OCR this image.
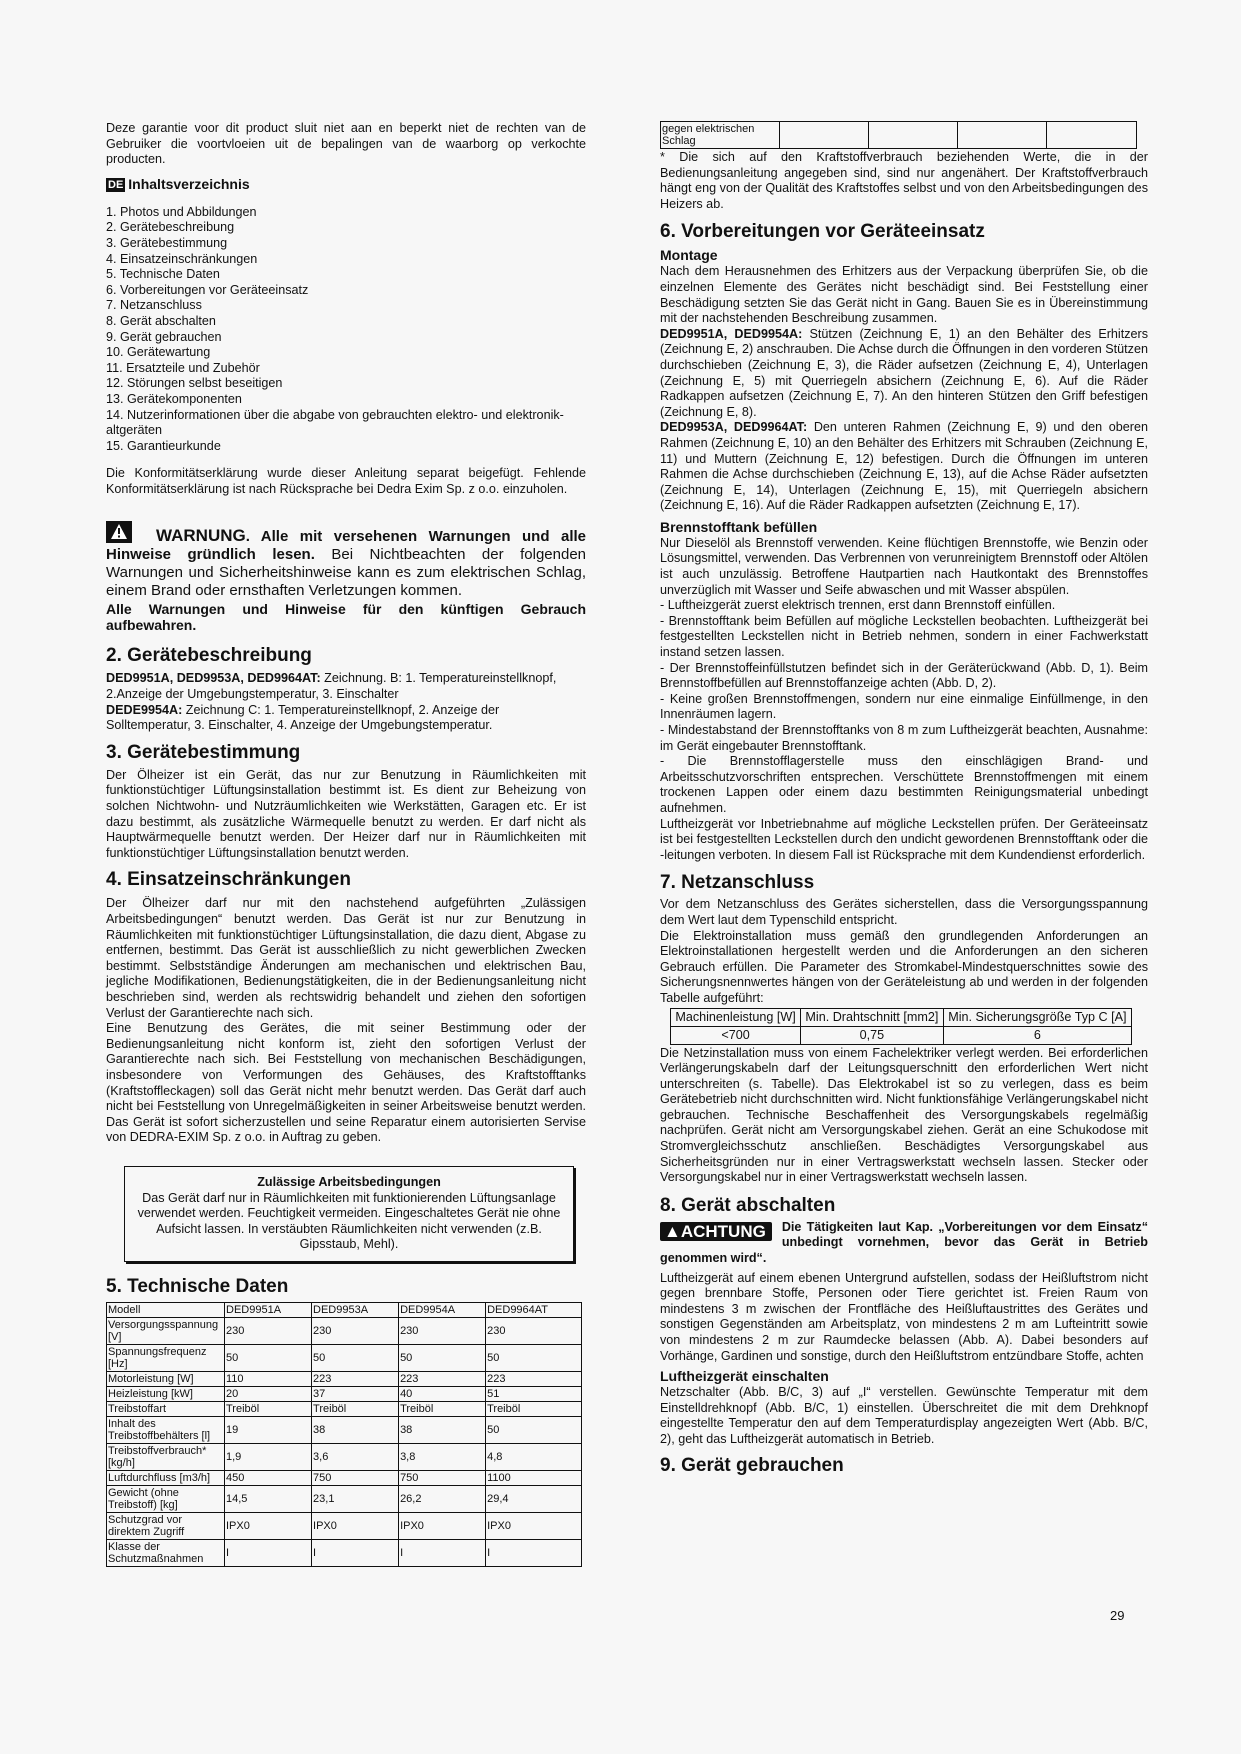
Deze garantie voor dit product sluit niet aan en beperkt niet de rechten van de Gebruiker die voortvloeien uit de bepalingen van de waarborg op verkochte producten.

DE Inhaltsverzeichnis
1. Photos und Abbildungen
2. Gerätebeschreibung
3. Gerätebestimmung
4. Einsatzeinschränkungen
5. Technische Daten
6. Vorbereitungen vor Geräteeinsatz
7. Netzanschluss
8. Gerät abschalten
9. Gerät gebrauchen
10. Gerätewartung
11. Ersatzteile und Zubehör
12. Störungen selbst beseitigen
13. Gerätekomponenten
14. Nutzerinformationen über die abgabe von gebrauchten elektro- und elektronik-altgeräten
15. Garantieurkunde

Die Konformitätserklärung wurde dieser Anleitung separat beigefügt. Fehlende Konformitätserklärung ist nach Rücksprache bei Dedra Exim Sp. z o.o. einzuholen.

WARNUNG. Alle mit versehenen Warnungen und alle Hinweise gründlich lesen. Bei Nichtbeachten der folgenden Warnungen und Sicherheitshinweise kann es zum elektrischen Schlag, einem Brand oder ernsthaften Verletzungen kommen.
Alle Warnungen und Hinweise für den künftigen Gebrauch aufbewahren.
2. Gerätebeschreibung

DED9951A, DED9953A, DED9964AT: Zeichnung. B: 1. Temperatureinstellknopf, 2.Anzeige der Umgebungstemperatur, 3. Einschalter
DEDE9954A: Zeichnung C: 1. Temperatureinstellknopf, 2. Anzeige der Solltemperatur, 3. Einschalter, 4. Anzeige der Umgebungstemperatur.

3. Gerätebestimmung

Der Ölheizer ist ein Gerät, das nur zur Benutzung in Räumlichkeiten mit funktionstüchtiger Lüftungsinstallation bestimmt ist. Es dient zur Beheizung von solchen Nichtwohn- und Nutzräumlichkeiten wie Werkstätten, Garagen etc. Er ist dazu bestimmt, als zusätzliche Wärmequelle benutzt zu werden. Er darf nicht als Hauptwärmequelle benutzt werden. Der Heizer darf nur in Räumlichkeiten mit funktionstüchtiger Lüftungsinstallation benutzt werden.

4. Einsatzeinschränkungen

Der Ölheizer darf nur mit den nachstehend aufgeführten „Zulässigen Arbeitsbedingungen“ benutzt werden. Das Gerät ist nur zur Benutzung in Räumlichkeiten mit funktionstüchtiger Lüftungsinstallation, die dazu dient, Abgase zu entfernen, bestimmt. Das Gerät ist ausschließlich zu nicht gewerblichen Zwecken bestimmt. Selbstständige Änderungen am mechanischen und elektrischen Bau, jegliche Modifikationen, Bedienungstätigkeiten, die in der Bedienungsanleitung nicht beschrieben sind, werden als rechtswidrig behandelt und ziehen den sofortigen Verlust der Garantierechte nach sich.

Eine Benutzung des Gerätes, die mit seiner Bestimmung oder der Bedienungsanleitung nicht konform ist, zieht den sofortigen Verlust der Garantierechte nach sich. Bei Feststellung von mechanischen Beschädigungen, insbesondere von Verformungen des Gehäuses, des Kraftstofftanks (Kraftstoffleckagen) soll das Gerät nicht mehr benutzt werden. Das Gerät darf auch nicht bei Feststellung von Unregelmäßigkeiten in seiner Arbeitsweise benutzt werden. Das Gerät ist sofort sicherzustellen und seine Reparatur einem autorisierten Servise von DEDRA-EXIM Sp. z o.o. in Auftrag zu geben.

Zulässige Arbeitsbedingungen
Das Gerät darf nur in Räumlichkeiten mit funktionierenden Lüftungsanlage verwendet werden. Feuchtigkeit vermeiden. Eingeschaltetes Gerät nie ohne Aufsicht lassen. In verstäubten Räumlichkeiten nicht verwenden (z.B. Gipsstaub, Mehl).
5. Technische Daten
Modell	DED9951A	DED9953A	DED9954A	DED9964AT
Versorgungsspannung [V]	230	230	230	230
Spannungsfrequenz [Hz]	50	50	50	50
Motorleistung [W]	110	223	223	223
Heizleistung [kW]	20	37	40	51
Treibstoffart	Treiböl	Treiböl	Treiböl	Treiböl
Inhalt des Treibstoffbehälters [l]	19	38	38	50
Treibstoffverbrauch* [kg/h]	1,9	3,6	3,8	4,8
Luftdurchfluss [m3/h]	450	750	750	1100
Gewicht (ohne Treibstoff) [kg]	14,5	23,1	26,2	29,4
Schutzgrad vor direktem Zugriff	IPX0	IPX0	IPX0	IPX0
Klasse der Schutzmaßnahmen	I	I	I	I
gegen elektrischen Schlag				

* Die sich auf den Kraftstoffverbrauch beziehenden Werte, die in der Bedienungsanleitung angegeben sind, sind nur angenähert. Der Kraftstoffverbrauch hängt eng von der Qualität des Kraftstoffes selbst und von den Arbeitsbedingungen des Heizers ab.

6. Vorbereitungen vor Geräteeinsatz
Montage

Nach dem Herausnehmen des Erhitzers aus der Verpackung überprüfen Sie, ob die einzelnen Elemente des Gerätes nicht beschädigt sind. Bei Feststellung einer Beschädigung setzten Sie das Gerät nicht in Gang. Bauen Sie es in Übereinstimmung mit der nachstehenden Beschreibung zusammen.

DED9951A, DED9954A: Stützen (Zeichnung E, 1) an den Behälter des Erhitzers (Zeichnung E, 2) anschrauben. Die Achse durch die Öffnungen in den vorderen Stützen durchschieben (Zeichnung E, 3), die Räder aufsetzen (Zeichnung E, 4), Unterlagen (Zeichnung E, 5) mit Querriegeln absichern (Zeichnung E, 6). Auf die Räder Radkappen aufsetzen (Zeichnung E, 7). An den hinteren Stützen den Griff befestigen (Zeichnung E, 8).

DED9953A, DED9964AT: Den unteren Rahmen (Zeichnung E, 9) und den oberen Rahmen (Zeichnung E, 10) an den Behälter des Erhitzers mit Schrauben (Zeichnung E, 11) und Muttern (Zeichnung E, 12) befestigen. Durch die Öffnungen im unteren Rahmen die Achse durchschieben (Zeichnung E, 13), auf die Achse Räder aufsetzten (Zeichnung E, 14), Unterlagen (Zeichnung E, 15), mit Querriegeln absichern (Zeichnung E, 16). Auf die Räder Radkappen aufsetzten (Zeichnung E, 17).

Brennstofftank befüllen

Nur Dieselöl als Brennstoff verwenden. Keine flüchtigen Brennstoffe, wie Benzin oder Lösungsmittel, verwenden. Das Verbrennen von verunreinigtem Brennstoff oder Altölen ist auch unzulässig. Betroffene Hautpartien nach Hautkontakt des Brennstoffes unverzüglich mit Wasser und Seife abwaschen und mit Wasser abspülen.

- Luftheizgerät zuerst elektrisch trennen, erst dann Brennstoff einfüllen.

- Brennstofftank beim Befüllen auf mögliche Leckstellen beobachten. Luftheizgerät bei festgestellten Leckstellen nicht in Betrieb nehmen, sondern in einer Fachwerkstatt instand setzen lassen.

- Der Brennstoffeinfüllstutzen befindet sich in der Geräterückwand (Abb. D, 1). Beim Brennstoffbefüllen auf Brennstoffanzeige achten (Abb. D, 2).

- Keine großen Brennstoffmengen, sondern nur eine einmalige Einfüllmenge, in den Innenräumen lagern.

- Mindestabstand der Brennstofftanks von 8 m zum Luftheizgerät beachten, Ausnahme: im Gerät eingebauter Brennstofftank.

- Die Brennstofflagerstelle muss den einschlägigen Brand- und Arbeitsschutzvorschriften entsprechen. Verschüttete Brennstoffmengen mit einem trockenen Lappen oder einem dazu bestimmten Reinigungsmaterial unbedingt aufnehmen.

Luftheizgerät vor Inbetriebnahme auf mögliche Leckstellen prüfen. Der Geräteeinsatz ist bei festgestellten Leckstellen durch den undicht gewordenen Brennstofftank oder die -leitungen verboten. In diesem Fall ist Rücksprache mit dem Kundendienst erforderlich.

7. Netzanschluss

Vor dem Netzanschluss des Gerätes sicherstellen, dass die Versorgungsspannung dem Wert laut dem Typenschild entspricht.

Die Elektroinstallation muss gemäß den grundlegenden Anforderungen an Elektroinstallationen hergestellt werden und die Anforderungen an den sicheren Gebrauch erfüllen. Die Parameter des Stromkabel-Mindestquerschnittes sowie des Sicherungsnennwertes hängen von der Geräteleistung ab und werden in der folgenden Tabelle aufgeführt:

Machinenleistung [W]	Min. Drahtschnitt [mm2]	Min. Sicherungsgröße Typ C [A]
<700	0,75	6

Die Netzinstallation muss von einem Fachelektriker verlegt werden. Bei erforderlichen Verlängerungskabeln darf der Leitungsquerschnitt den erforderlichen Wert nicht unterschreiten (s. Tabelle). Das Elektrokabel ist so zu verlegen, dass es beim Gerätebetrieb nicht durchschnitten wird. Nicht funktionsfähige Verlängerungskabel nicht gebrauchen. Technische Beschaffenheit des Versorgungskabels regelmäßig nachprüfen. Gerät nicht am Versorgungskabel ziehen. Gerät an eine Schukodose mit Stromvergleichsschutz anschließen. Beschädigtes Versorgungskabel aus Sicherheitsgründen nur in einer Vertragswerkstatt wechseln lassen. Stecker oder Versorgungskabel nur in einer Vertragswerkstatt wechseln lassen.

8. Gerät abschalten
▲ACHTUNG	Die Tätigkeiten laut Kap. „Vorbereitungen vor dem Einsatz“ unbedingt vornehmen, bevor das Gerät in Betrieb genommen wird“.

Luftheizgerät auf einem ebenen Untergrund aufstellen, sodass der Heißluftstrom nicht gegen brennbare Stoffe, Personen oder Tiere gerichtet ist. Freien Raum von mindestens 3 m zwischen der Frontfläche des Heißluftaustrittes des Gerätes und sonstigen Gegenständen am Arbeitsplatz, von mindestens 2 m am Lufteintritt sowie von mindestens 2 m zur Raumdecke belassen (Abb. A). Dabei besonders auf Vorhänge, Gardinen und sonstige, durch den Heißluftstrom entzündbare Stoffe, achten

Luftheizgerät einschalten

Netzschalter (Abb. B/C, 3) auf „I“ verstellen. Gewünschte Temperatur mit dem Einstelldrehknopf (Abb. B/C, 1) einstellen. Überschreitet die mit dem Drehknopf eingestellte Temperatur den auf dem Temperaturdisplay angezeigten Wert (Abb. B/C, 2), geht das Luftheizgerät automatisch in Betrieb.

9. Gerät gebrauchen
29
